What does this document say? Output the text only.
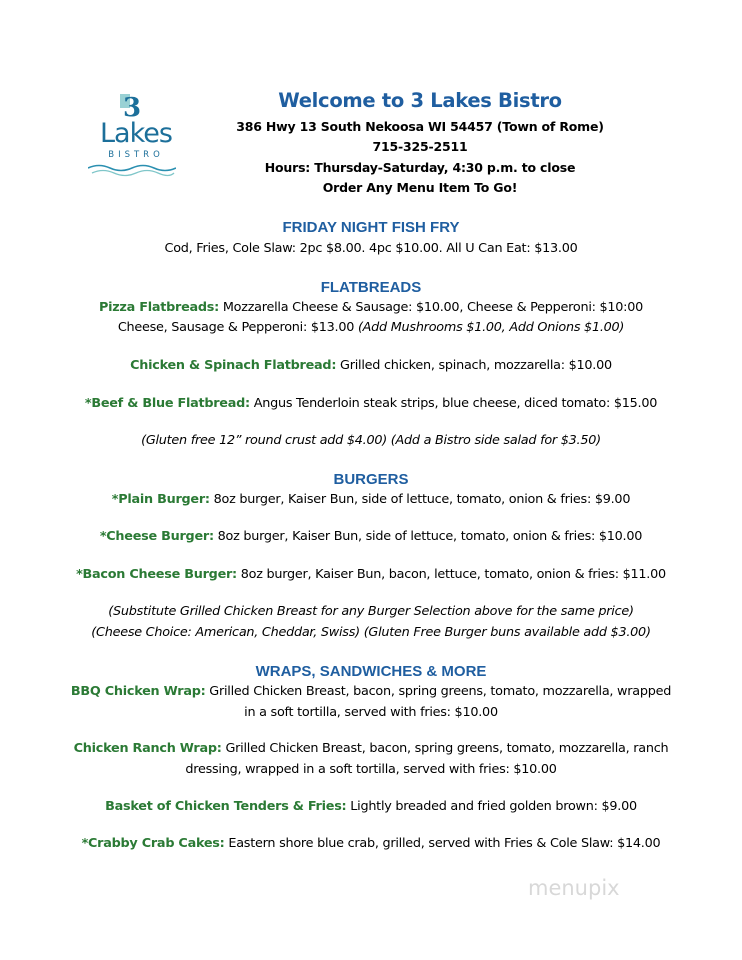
3
Lakes
BISTRO
Welcome to 3 Lakes Bistro
386 Hwy 13 South Nekoosa WI 54457 (Town of Rome)
715-325-2511
Hours: Thursday-Saturday, 4:30 p.m. to close
Order Any Menu Item To Go!
FRIDAY NIGHT FISH FRY
Cod, Fries, Cole Slaw: 2pc $8.00. 4pc $10.00. All U Can Eat: $13.00
FLATBREADS
Pizza Flatbreads: Mozzarella Cheese & Sausage: $10.00, Cheese & Pepperoni: $10:00
Cheese, Sausage & Pepperoni: $13.00 (Add Mushrooms $1.00, Add Onions $1.00)
Chicken & Spinach Flatbread: Grilled chicken, spinach, mozzarella: $10.00
*Beef & Blue Flatbread: Angus Tenderloin steak strips, blue cheese, diced tomato: $15.00
(Gluten free 12” round crust add $4.00) (Add a Bistro side salad for $3.50)
BURGERS
*Plain Burger: 8oz burger, Kaiser Bun, side of lettuce, tomato, onion & fries: $9.00
*Cheese Burger: 8oz burger, Kaiser Bun, side of lettuce, tomato, onion & fries: $10.00
*Bacon Cheese Burger: 8oz burger, Kaiser Bun, bacon, lettuce, tomato, onion & fries: $11.00
(Substitute Grilled Chicken Breast for any Burger Selection above for the same price)
(Cheese Choice: American, Cheddar, Swiss) (Gluten Free Burger buns available add $3.00)
WRAPS, SANDWICHES & MORE
BBQ Chicken Wrap: Grilled Chicken Breast, bacon, spring greens, tomato, mozzarella, wrapped
in a soft tortilla, served with fries: $10.00
Chicken Ranch Wrap: Grilled Chicken Breast, bacon, spring greens, tomato, mozzarella, ranch
dressing, wrapped in a soft tortilla, served with fries: $10.00
Basket of Chicken Tenders & Fries: Lightly breaded and fried golden brown: $9.00
*Crabby Crab Cakes: Eastern shore blue crab, grilled, served with Fries & Cole Slaw: $14.00
menupix
